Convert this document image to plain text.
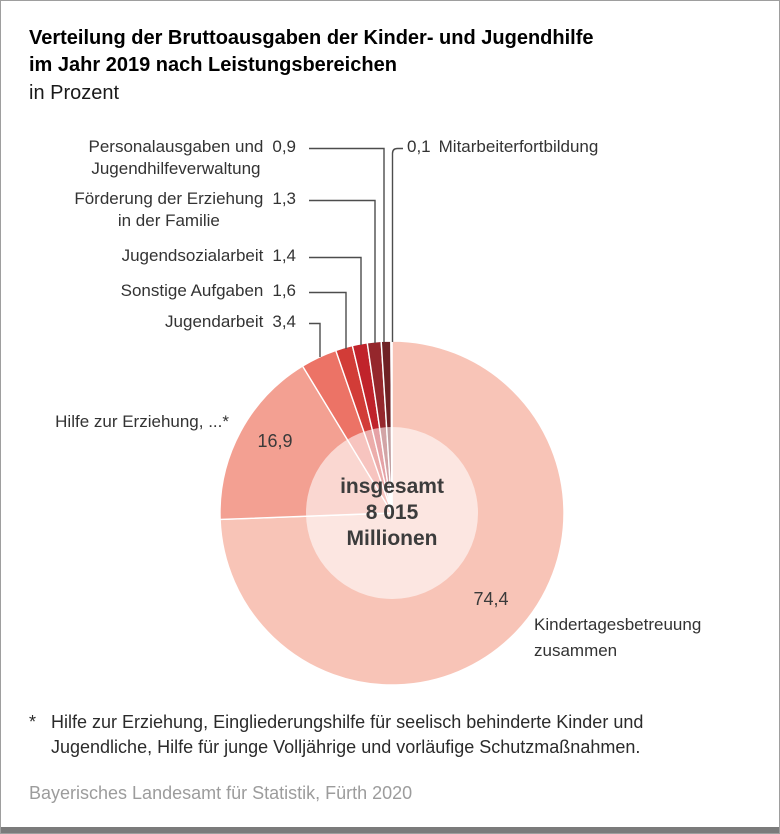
Verteilung der Bruttoausgaben der Kinder- und Jugendhilfe
im Jahr 2019 nach Leistungsbereichen
in Prozent
Personalausgaben und
Jugendhilfeverwaltung
0,9
Förderung der Erziehung
in der Familie
1,3
Jugendsozialarbeit 1,4
Sonstige Aufgaben 1,6
Jugendarbeit 3,4
0,1 Mitarbeiterfortbildung
Hilfe zur Erziehung, ...*
16,9
74,4
Kindertagesbetreuung
zusammen
insgesamt
8 015
Millionen
* Hilfe zur Erziehung, Eingliederungshilfe für seelisch behinderte Kinder und Jugendliche, Hilfe für junge Volljährige und vorläufige Schutzmaßnahmen.
Bayerisches Landesamt für Statistik, Fürth 2020
